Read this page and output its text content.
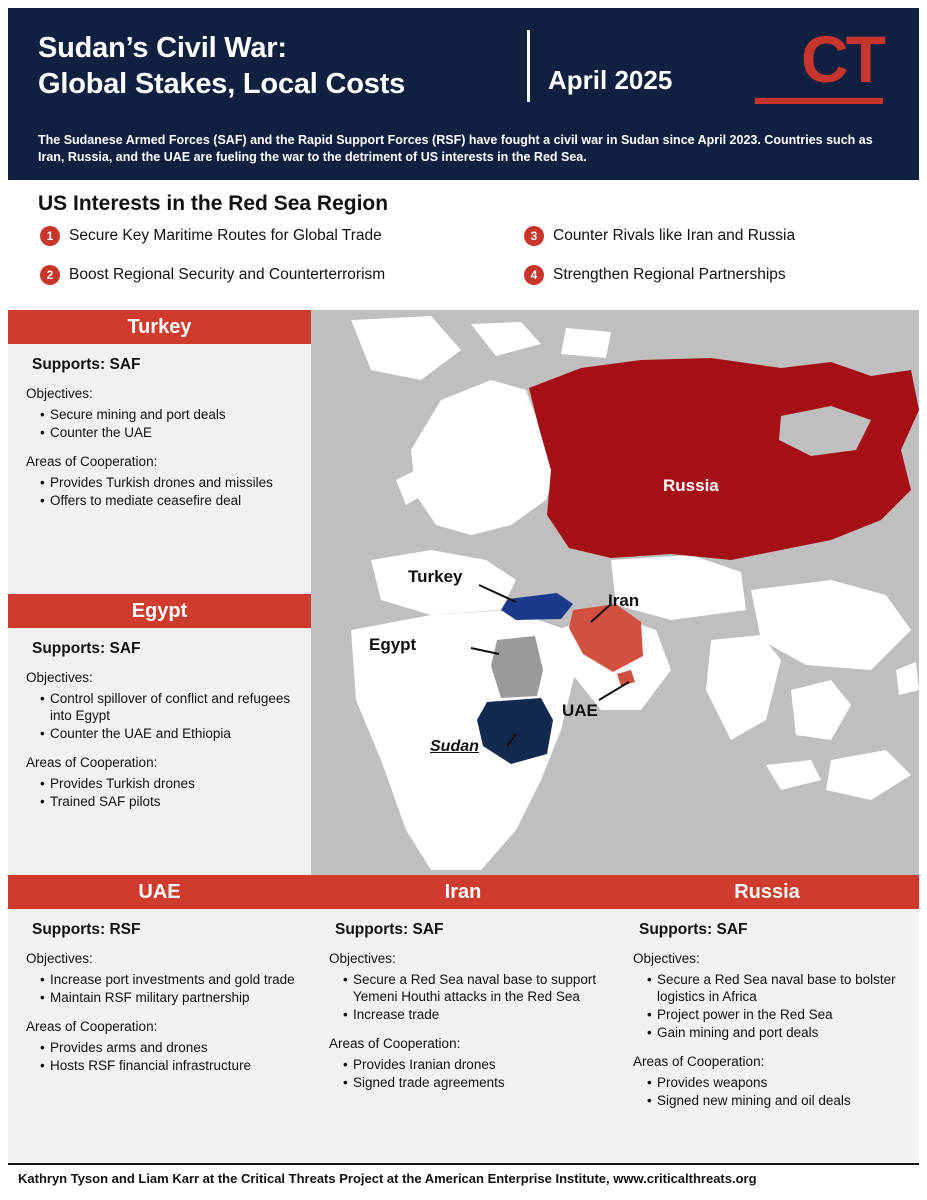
Sudan’s Civil War:
Global Stakes, Local Costs	April 2025 CT
The Sudanese Armed Forces (SAF) and the Rapid Support Forces (RSF) have fought a civil war in Sudan since April 2023. Countries such as Iran, Russia, and the UAE are fueling the war to the detriment of US interests in the Red Sea.
US Interests in the Red Sea Region
1	Secure Key Maritime Routes for Global Trade
2	Boost Regional Security and Counterterrorism
3	Counter Rivals like Iran and Russia
4	Strengthen Regional Partnerships
Russia
Turkey
Iran
Egypt
UAE
Sudan
Turkey
Supports: SAF
Objectives:
• Secure mining and port deals
• Counter the UAE
Areas of Cooperation:
• Provides Turkish drones and missiles
• Offers to mediate ceasefire deal
Egypt
Supports: SAF
Objectives:
• Control spillover of conflict and refugees into Egypt
• Counter the UAE and Ethiopia
Areas of Cooperation:
• Provides Turkish drones
• Trained SAF pilots
UAE
Supports: RSF
Objectives:
• Increase port investments and gold trade
• Maintain RSF military partnership
Areas of Cooperation:
• Provides arms and drones
• Hosts RSF financial infrastructure
Iran
Supports: SAF
Objectives:
• Secure a Red Sea naval base to support Yemeni Houthi attacks in the Red Sea
• Increase trade
Areas of Cooperation:
• Provides Iranian drones
• Signed trade agreements
Russia
Supports: SAF
Objectives:
• Secure a Red Sea naval base to bolster logistics in Africa
• Project power in the Red Sea
• Gain mining and port deals
Areas of Cooperation:
• Provides weapons
• Signed new mining and oil deals
Kathryn Tyson and Liam Karr at the Critical Threats Project at the American Enterprise Institute, www.criticalthreats.org
